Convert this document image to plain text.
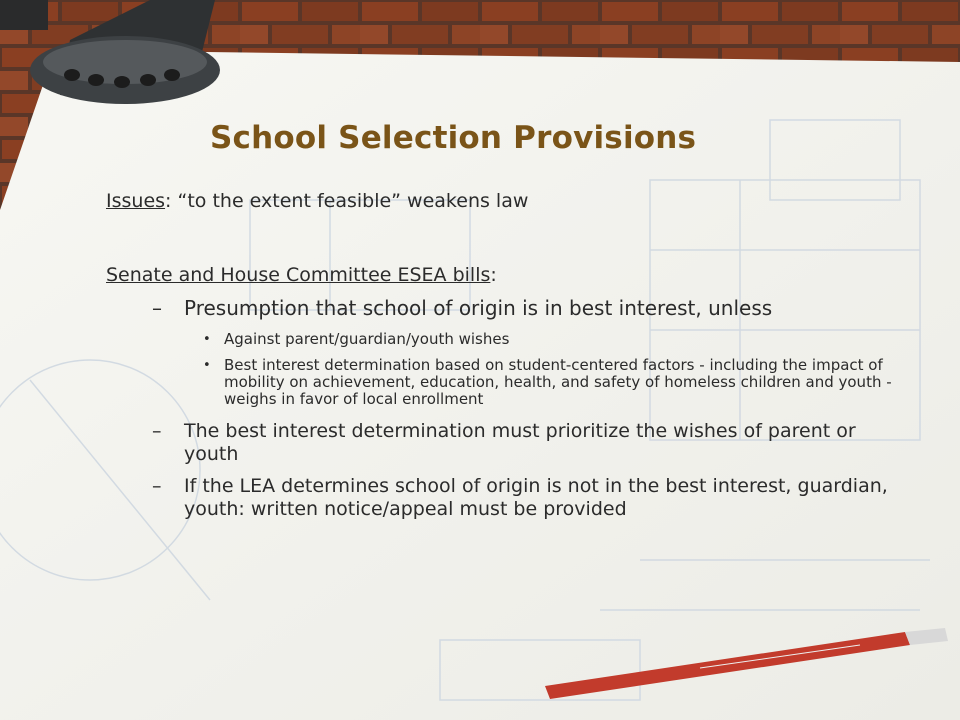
School Selection Provisions

Issues: “to the extent feasible” weakens law

Senate and House Committee ESEA bills:

– Presumption that school of origin is in best interest, unless
• Against parent/guardian/youth wishes
• Best interest determination based on student-centered factors - including the impact of mobility on achievement, education, health, and safety of homeless children and youth - weighs in favor of local enrollment
– The best interest determination must prioritize the wishes of parent or youth
– If the LEA determines school of origin is not in the best interest, guardian, youth: written notice/appeal must be provided
